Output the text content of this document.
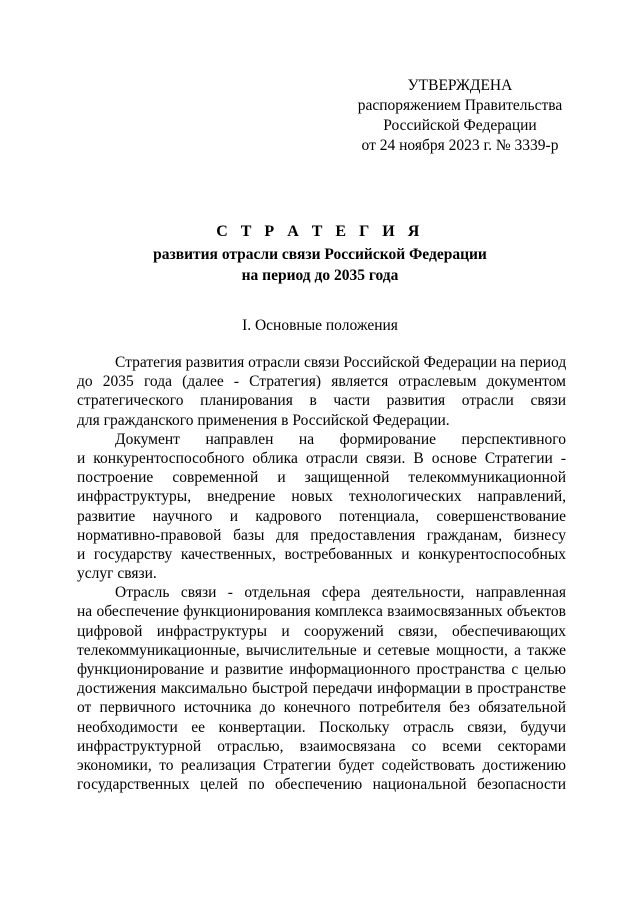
УТВЕРЖДЕНА
распоряжением Правительства
Российской Федерации
от 24 ноября 2023 г. № 3339-р
С Т Р А Т Е Г И Я
развития отрасли связи Российской Федерации
на период до 2035 года
I. Основные положения
Стратегия развития отрасли связи Российской Федерации на период
до 2035 года (далее - Стратегия) является отраслевым документом
стратегического планирования в части развития отрасли связи
для гражданского применения в Российской Федерации.
Документ направлен на формирование перспективного
и конкурентоспособного облика отрасли связи. В основе Стратегии -
построение современной и защищенной телекоммуникационной
инфраструктуры, внедрение новых технологических направлений,
развитие научного и кадрового потенциала, совершенствование
нормативно-правовой базы для предоставления гражданам, бизнесу
и государству качественных, востребованных и конкурентоспособных
услуг связи.
Отрасль связи - отдельная сфера деятельности, направленная
на обеспечение функционирования комплекса взаимосвязанных объектов
цифровой инфраструктуры и сооружений связи, обеспечивающих
телекоммуникационные, вычислительные и сетевые мощности, а также
функционирование и развитие информационного пространства с целью
достижения максимально быстрой передачи информации в пространстве
от первичного источника до конечного потребителя без обязательной
необходимости ее конвертации. Поскольку отрасль связи, будучи
инфраструктурной отраслью, взаимосвязана со всеми секторами
экономики, то реализация Стратегии будет содействовать достижению
государственных целей по обеспечению национальной безопасности
